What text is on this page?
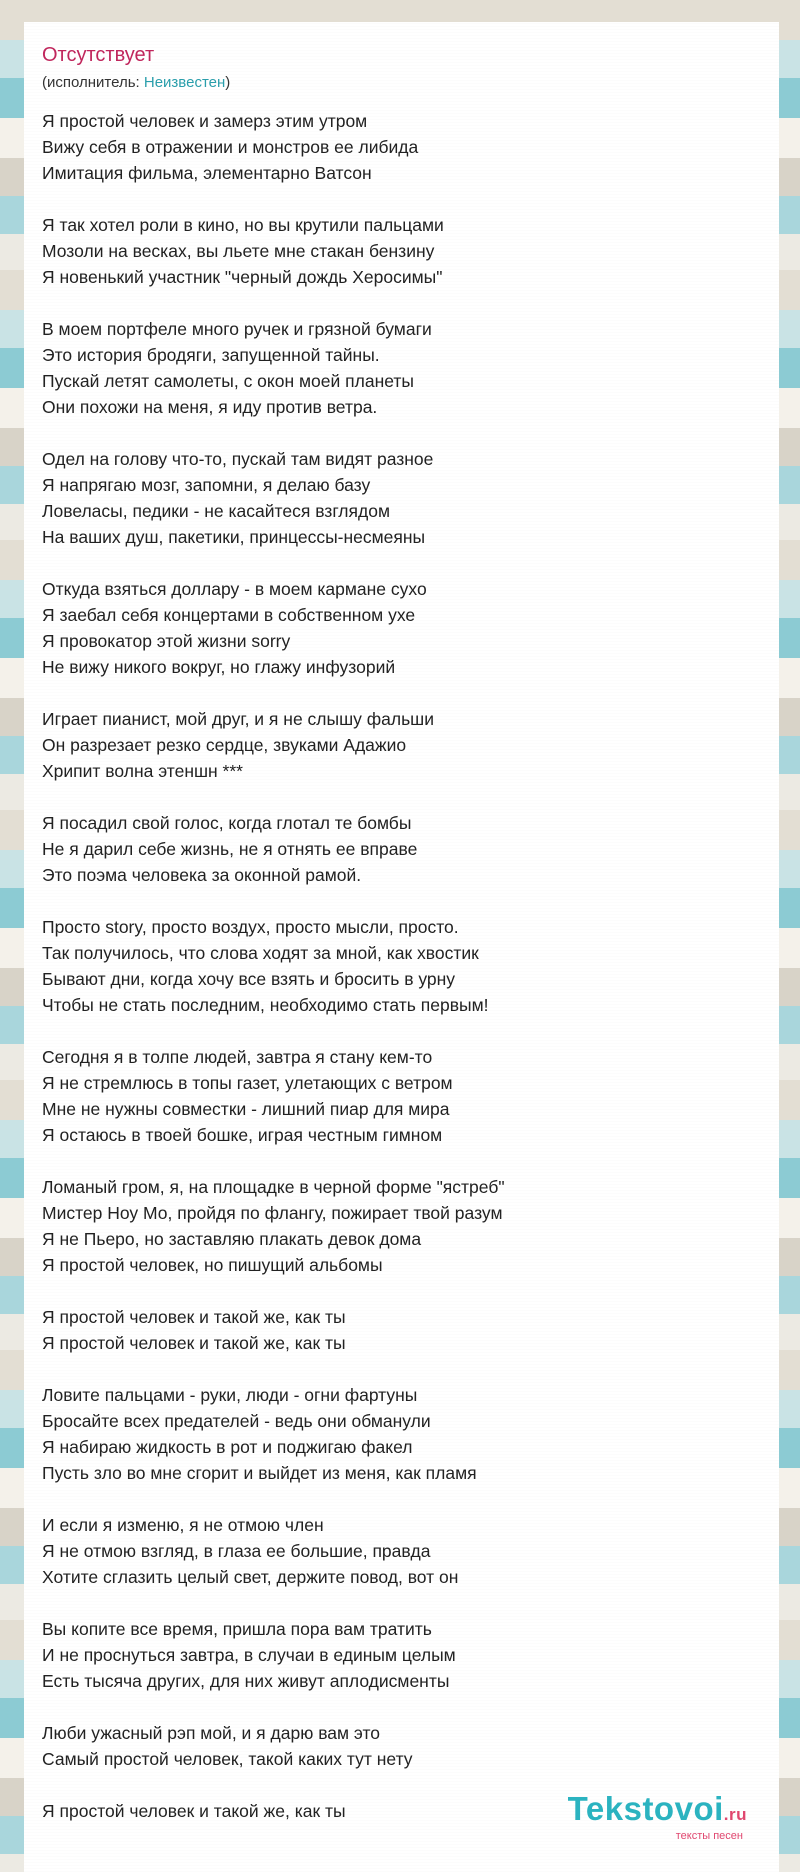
Отсутствует
(исполнитель: Неизвестен)
Я простой человек и замерз этим утром
Вижу себя в отражении и монстров ее либида
Имитация фильма, элементарно Ватсон
Я так хотел роли в кино, но вы крутили пальцами
Мозоли на весках, вы льете мне стакан бензину
Я новенький участник "черный дождь Херосимы"
В моем портфеле много ручек и грязной бумаги
Это история бродяги, запущенной тайны.
Пускай летят самолеты, с окон моей планеты
Они похожи на меня, я иду против ветра.
Одел на голову что-то, пускай там видят разное
Я напрягаю мозг, запомни, я делаю базу
Ловеласы, педики - не касайтеся взглядом
На ваших душ, пакетики, принцессы-несмеяны
Откуда взяться доллару - в моем кармане сухо
Я заебал себя концертами в собственном ухе
Я провокатор этой жизни sorry
Не вижу никого вокруг, но глажу инфузорий
Играет пианист, мой друг, и я не слышу фальши
Он разрезает резко сердце, звуками Адажио
Хрипит волна этеншн ***
Я посадил свой голос, когда глотал те бомбы
Не я дарил себе жизнь, не я отнять ее вправе
Это поэма человека за оконной рамой.
Просто story, просто воздух, просто мысли, просто.
Так получилось, что слова ходят за мной, как хвостик
Бывают дни, когда хочу все взять и бросить в урну
Чтобы не стать последним, необходимо стать первым!
Сегодня я в толпе людей, завтра я стану кем-то
Я не стремлюсь в топы газет, улетающих с ветром
Мне не нужны совместки - лишний пиар для мира
Я остаюсь в твоей бошке, играя честным гимном
Ломаный гром, я, на площадке в черной форме "ястреб"
Мистер Ноу Мо, пройдя по флангу, пожирает твой разум
Я не Пьеро, но заставляю плакать девок дома
Я простой человек, но пишущий альбомы
Я простой человек и такой же, как ты
Я простой человек и такой же, как ты
Ловите пальцами - руки, люди - огни фартуны
Бросайте всех предателей - ведь они обманули
Я набираю жидкость в рот и поджигаю факел
Пусть зло во мне сгорит и выйдет из меня, как пламя
И если я изменю, я не отмою член
Я не отмою взгляд, в глаза ее большие, правда
Хотите сглазить целый свет, держите повод, вот он
Вы копите все время, пришла пора вам тратить
И не проснуться завтра, в случаи в единым целым
Есть тысяча других, для них живут аплодисменты
Люби ужасный рэп мой, и я дарю вам это
Самый простой человек, такой каких тут нету
Я простой человек и такой же, как ты	Tekstovoi.ru
тексты песен
